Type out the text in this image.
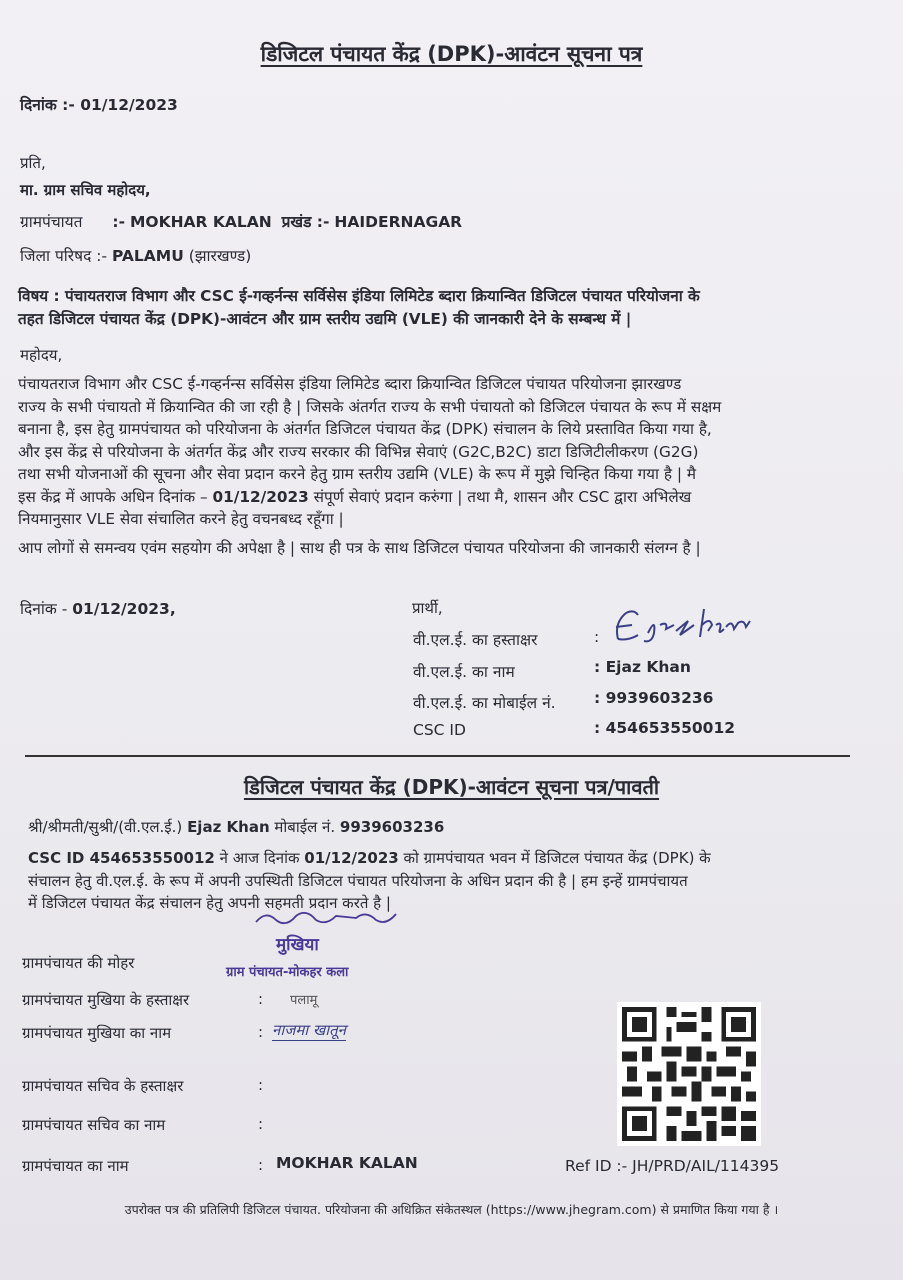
डिजिटल पंचायत केंद्र (DPK)-आवंटन सूचना पत्र
दिनांक :- 01/12/2023
प्रति,
मा. ग्राम सचिव महोदय,
ग्रामपंचायत :- MOKHAR KALAN प्रखंड :- HAIDERNAGAR
जिला परिषद :- PALAMU (झारखण्ड)
विषय : पंचायतराज विभाग और CSC ई-गव्हर्नन्स सर्विसेस इंडिया लिमिटेड ब्दारा क्रियान्वित डिजिटल पंचायत परियोजना के
तहत डिजिटल पंचायत केंद्र (DPK)-आवंटन और ग्राम स्तरीय उद्यमि (VLE) की जानकारी देने के सम्बन्ध में |
महोदय,
पंचायतराज विभाग और CSC ई-गव्हर्नन्स सर्विसेस इंडिया लिमिटेड ब्दारा क्रियान्वित डिजिटल पंचायत परियोजना झारखण्ड
राज्य के सभी पंचायतो में क्रियान्वित की जा रही है | जिसके अंतर्गत राज्य के सभी पंचायतो को डिजिटल पंचायत के रूप में सक्षम
बनाना है, इस हेतु ग्रामपंचायत को परियोजना के अंतर्गत डिजिटल पंचायत केंद्र (DPK) संचालन के लिये प्रस्तावित किया गया है,
और इस केंद्र से परियोजना के अंतर्गत केंद्र और राज्य सरकार की विभिन्न सेवाएं (G2C,B2C) डाटा डिजिटीलीकरण (G2G)
तथा सभी योजनाओं की सूचना और सेवा प्रदान करने हेतु ग्राम स्तरीय उद्यमि (VLE) के रूप में मुझे चिन्हित किया गया है | मै
इस केंद्र में आपके अधिन दिनांक – 01/12/2023 संपूर्ण सेवाएं प्रदान करुंगा | तथा मै, शासन और CSC द्वारा अभिलेख
नियमानुसार VLE सेवा संचालित करने हेतु वचनबध्द रहूँगा |
आप लोगों से समन्वय एवंम सहयोग की अपेक्षा है | साथ ही पत्र के साथ डिजिटल पंचायत परियोजना की जानकारी संलग्न है |
दिनांक - 01/12/2023,	प्रार्थी,
वी.एल.ई. का हस्ताक्षर	:	Ejaz Khan
वी.एल.ई. का नाम	: Ejaz Khan
वी.एल.ई. का मोबाईल नं. : 9939603236
CSC ID	: 454653550012
डिजिटल पंचायत केंद्र (DPK)-आवंटन सूचना पत्र/पावती
श्री/श्रीमती/सुश्री/(वी.एल.ई.) Ejaz Khan मोबाईल नं. 9939603236
CSC ID 454653550012 ने आज दिनांक 01/12/2023 को ग्रामपंचायत भवन में डिजिटल पंचायत केंद्र (DPK) के
संचालन हेतु वी.एल.ई. के रूप में अपनी उपस्थिती डिजिटल पंचायत परियोजना के अधिन प्रदान की है | हम इन्हें ग्रामपंचायत
में डिजिटल पंचायत केंद्र संचालन हेतु अपनी सहमती प्रदान करते है |
ग्रामपंचायत की मोहर
मुखिया
ग्राम पंचायत-मोकहर कला
ग्रामपंचायत मुखिया के हस्ताक्षर	: पलामू
ग्रामपंचायत मुखिया का नाम	: नाजमा खातून
ग्रामपंचायत सचिव के हस्ताक्षर	:
ग्रामपंचायत सचिव का नाम	:
ग्रामपंचायत का नाम	: MOKHAR KALAN	Ref ID :- JH/PRD/AIL/114395
उपरोक्त पत्र की प्रतिलिपी डिजिटल पंचायत. परियोजना की अधिक्रित संकेतस्थल (https://www.jhegram.com) से प्रमाणित किया गया है ।
